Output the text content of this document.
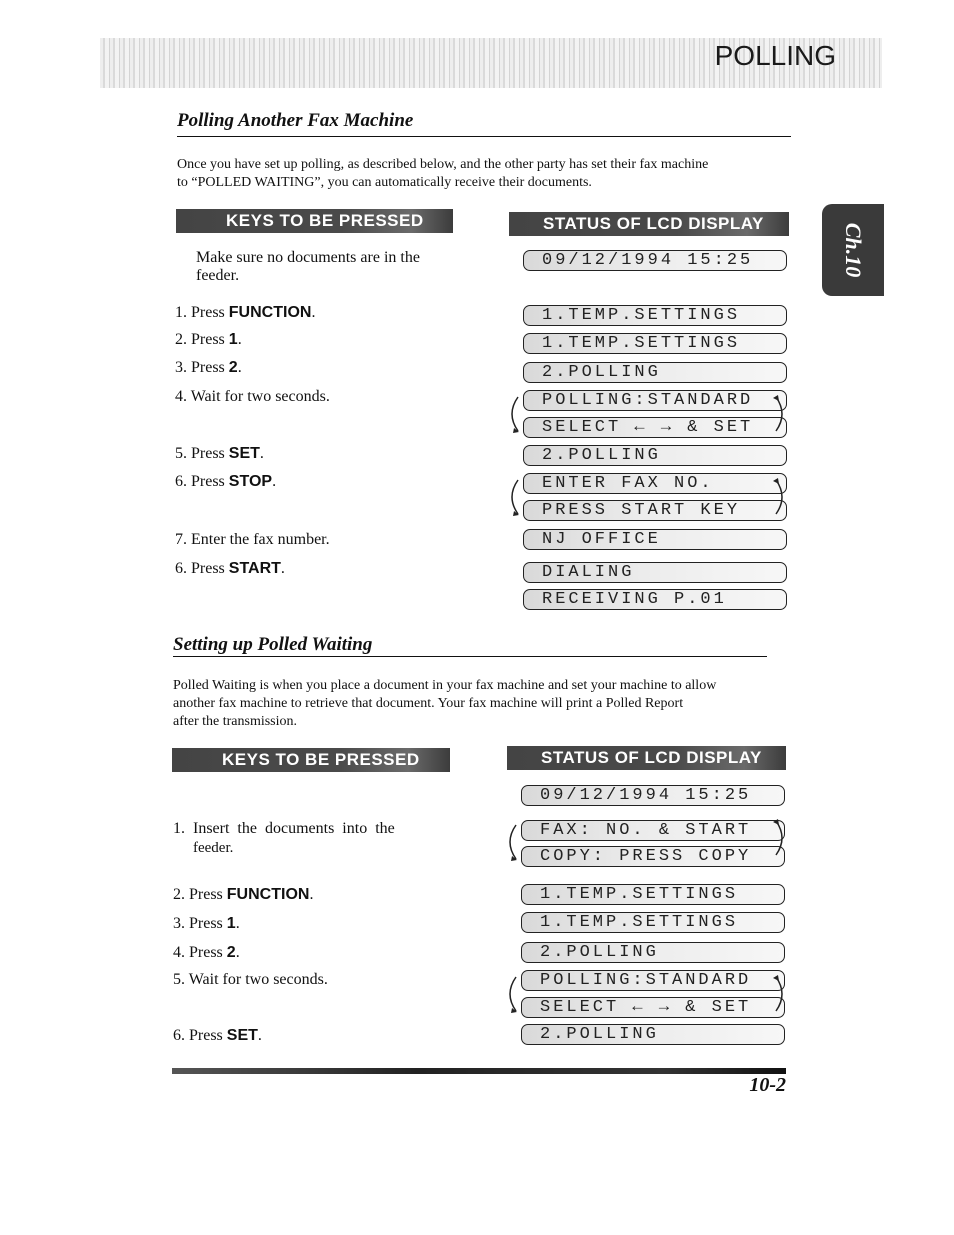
POLLING
Ch.10
Polling Another Fax Machine
Once you have set up polling, as described below, and the other party has set their fax machine
to “POLLED WAITING”, you can automatically receive their documents.
KEYS TO BE PRESSED	STATUS OF LCD DISPLAY
Make sure no documents are in the
feeder.
1. Press FUNCTION.
2. Press 1.
3. Press 2.
4. Wait for two seconds.
5. Press SET.
6. Press STOP.
7. Enter the fax number.
6. Press START.
09/12/1994 15:25
1.TEMP.SETTINGS
1.TEMP.SETTINGS
2.POLLING
POLLING:STANDARD
SELECT ← → & SET
2.POLLING
ENTER FAX NO.
PRESS START KEY
NJ OFFICE
DIALING
RECEIVING P.01
Setting up Polled Waiting
Polled Waiting is when you place a document in your fax machine and set your machine to allow
another fax machine to retrieve that document. Your fax machine will print a Polled Report
after the transmission.
KEYS TO BE PRESSED	STATUS OF LCD DISPLAY
1. Insert the documents into the
feeder.
2. Press FUNCTION.
3. Press 1.
4. Press 2.
5. Wait for two seconds.
6. Press SET.
09/12/1994 15:25
FAX: NO. & START
COPY: PRESS COPY
1.TEMP.SETTINGS
1.TEMP.SETTINGS
2.POLLING
POLLING:STANDARD
SELECT ← → & SET
2.POLLING
10-2
